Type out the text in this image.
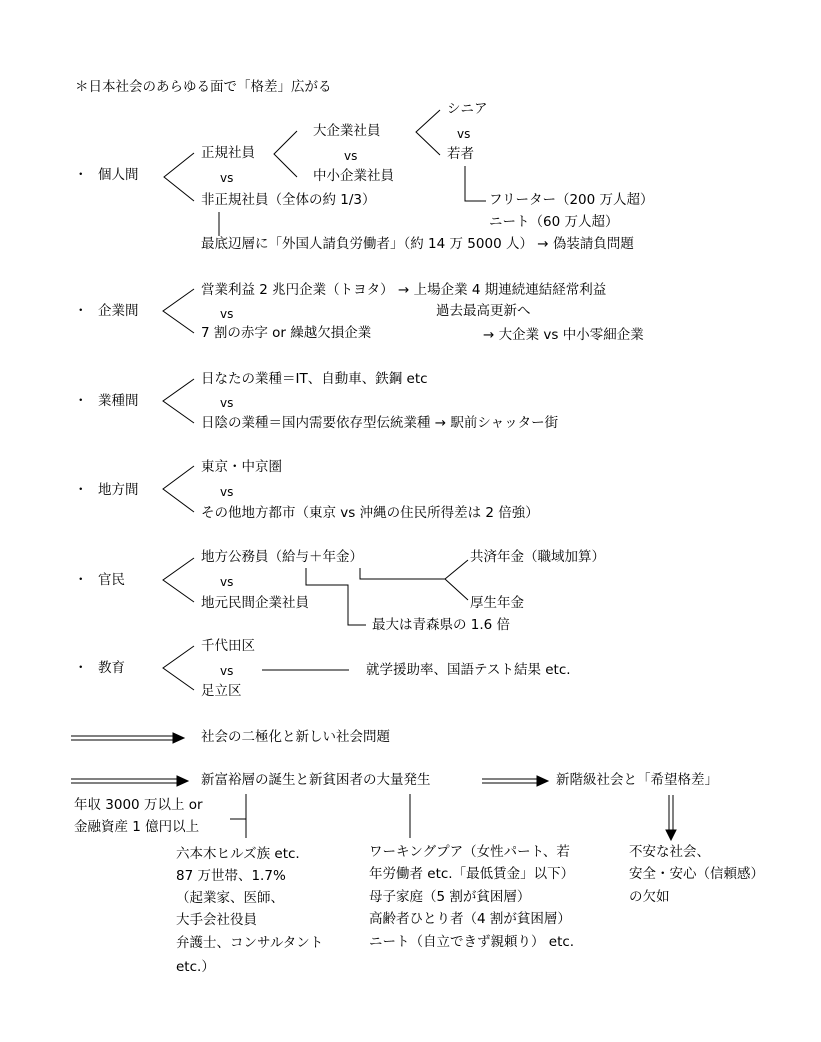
＊日本社会のあらゆる面で「格差」広がる
・ 個人間
正規社員
vs
非正規社員（全体の約 1/3）
大企業社員
vs
中小企業社員
シニア
vs
若者
フリーター（200 万人超）
ニート（60 万人超）
最底辺層に「外国人請負労働者」（約 14 万 5000 人） → 偽装請負問題
・ 企業間
営業利益 2 兆円企業（トヨタ） → 上場企業 4 期連続連結経常利益
vs	過去最高更新へ
7 割の赤字 or 繰越欠損企業	→ 大企業 vs 中小零細企業
・ 業種間
日なたの業種＝IT、自動車、鉄鋼 etc
vs
日陰の業種＝国内需要依存型伝統業種 → 駅前シャッター街
・ 地方間
東京・中京圏
vs
その他地方都市（東京 vs 沖縄の住民所得差は 2 倍強）
・ 官民
地方公務員（給与＋年金）
vs
地元民間企業社員
共済年金（職域加算）
厚生年金
最大は青森県の 1.6 倍
・ 教育
千代田区
vs
足立区
就学援助率、国語テスト結果 etc.
社会の二極化と新しい社会問題
新富裕層の誕生と新貧困者の大量発生	新階級社会と「希望格差」
年収 3000 万以上 or
金融資産 1 億円以上
六本木ヒルズ族 etc.
87 万世帯、1.7%
（起業家、医師、
大手会社役員
弁護士、コンサルタント
etc.）
ワーキングプア（女性パート、若
年労働者 etc.「最低賃金」以下）
母子家庭（5 割が貧困層）
高齢者ひとり者（4 割が貧困層）
ニート（自立できず親頼り） etc.
不安な社会、
安全・安心（信頼感）
の欠如
